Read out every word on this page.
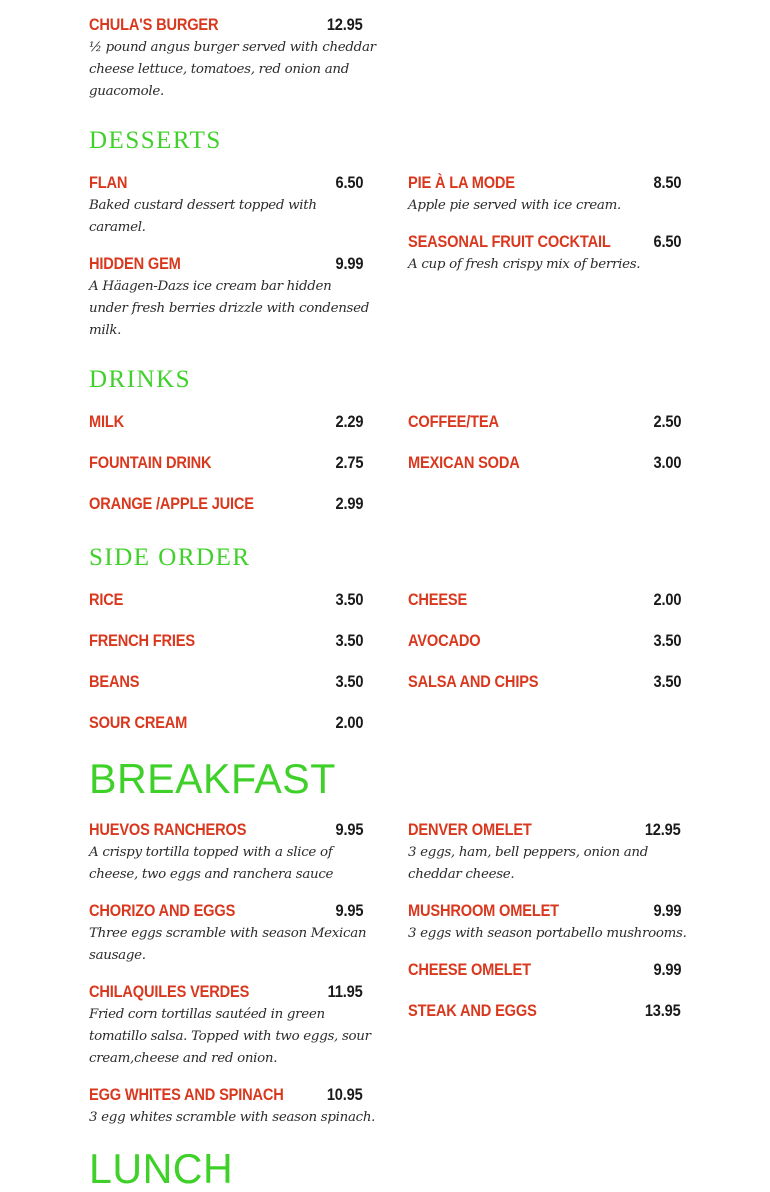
CHULA'S BURGER	12.95
½ pound angus burger served with cheddar
cheese lettuce, tomatoes, red onion and
guacomole.
DESSERTS
FLAN	6.50
Baked custard dessert topped with
caramel.
HIDDEN GEM	9.99
A Häagen-Dazs ice cream bar hidden
under fresh berries drizzle with condensed
milk.
PIE À LA MODE	8.50
Apple pie served with ice cream.
SEASONAL FRUIT COCKTAIL	6.50
A cup of fresh crispy mix of berries.
DRINKS
MILK	2.29
FOUNTAIN DRINK	2.75
ORANGE /APPLE JUICE	2.99
COFFEE/TEA	2.50
MEXICAN SODA	3.00
SIDE ORDER
RICE	3.50
FRENCH FRIES	3.50
BEANS	3.50
SOUR CREAM	2.00
CHEESE	2.00
AVOCADO	3.50
SALSA AND CHIPS	3.50
BREAKFAST
HUEVOS RANCHEROS	9.95
A crispy tortilla topped with a slice of
cheese, two eggs and ranchera sauce
CHORIZO AND EGGS	9.95
Three eggs scramble with season Mexican
sausage.
CHILAQUILES VERDES	11.95
Fried corn tortillas sautéed in green
tomatillo salsa. Topped with two eggs, sour
cream,cheese and red onion.
EGG WHITES AND SPINACH	10.95
3 egg whites scramble with season spinach.
DENVER OMELET	12.95
3 eggs, ham, bell peppers, onion and
cheddar cheese.
MUSHROOM OMELET	9.99
3 eggs with season portabello mushrooms.
CHEESE OMELET	9.99
STEAK AND EGGS	13.95
LUNCH
